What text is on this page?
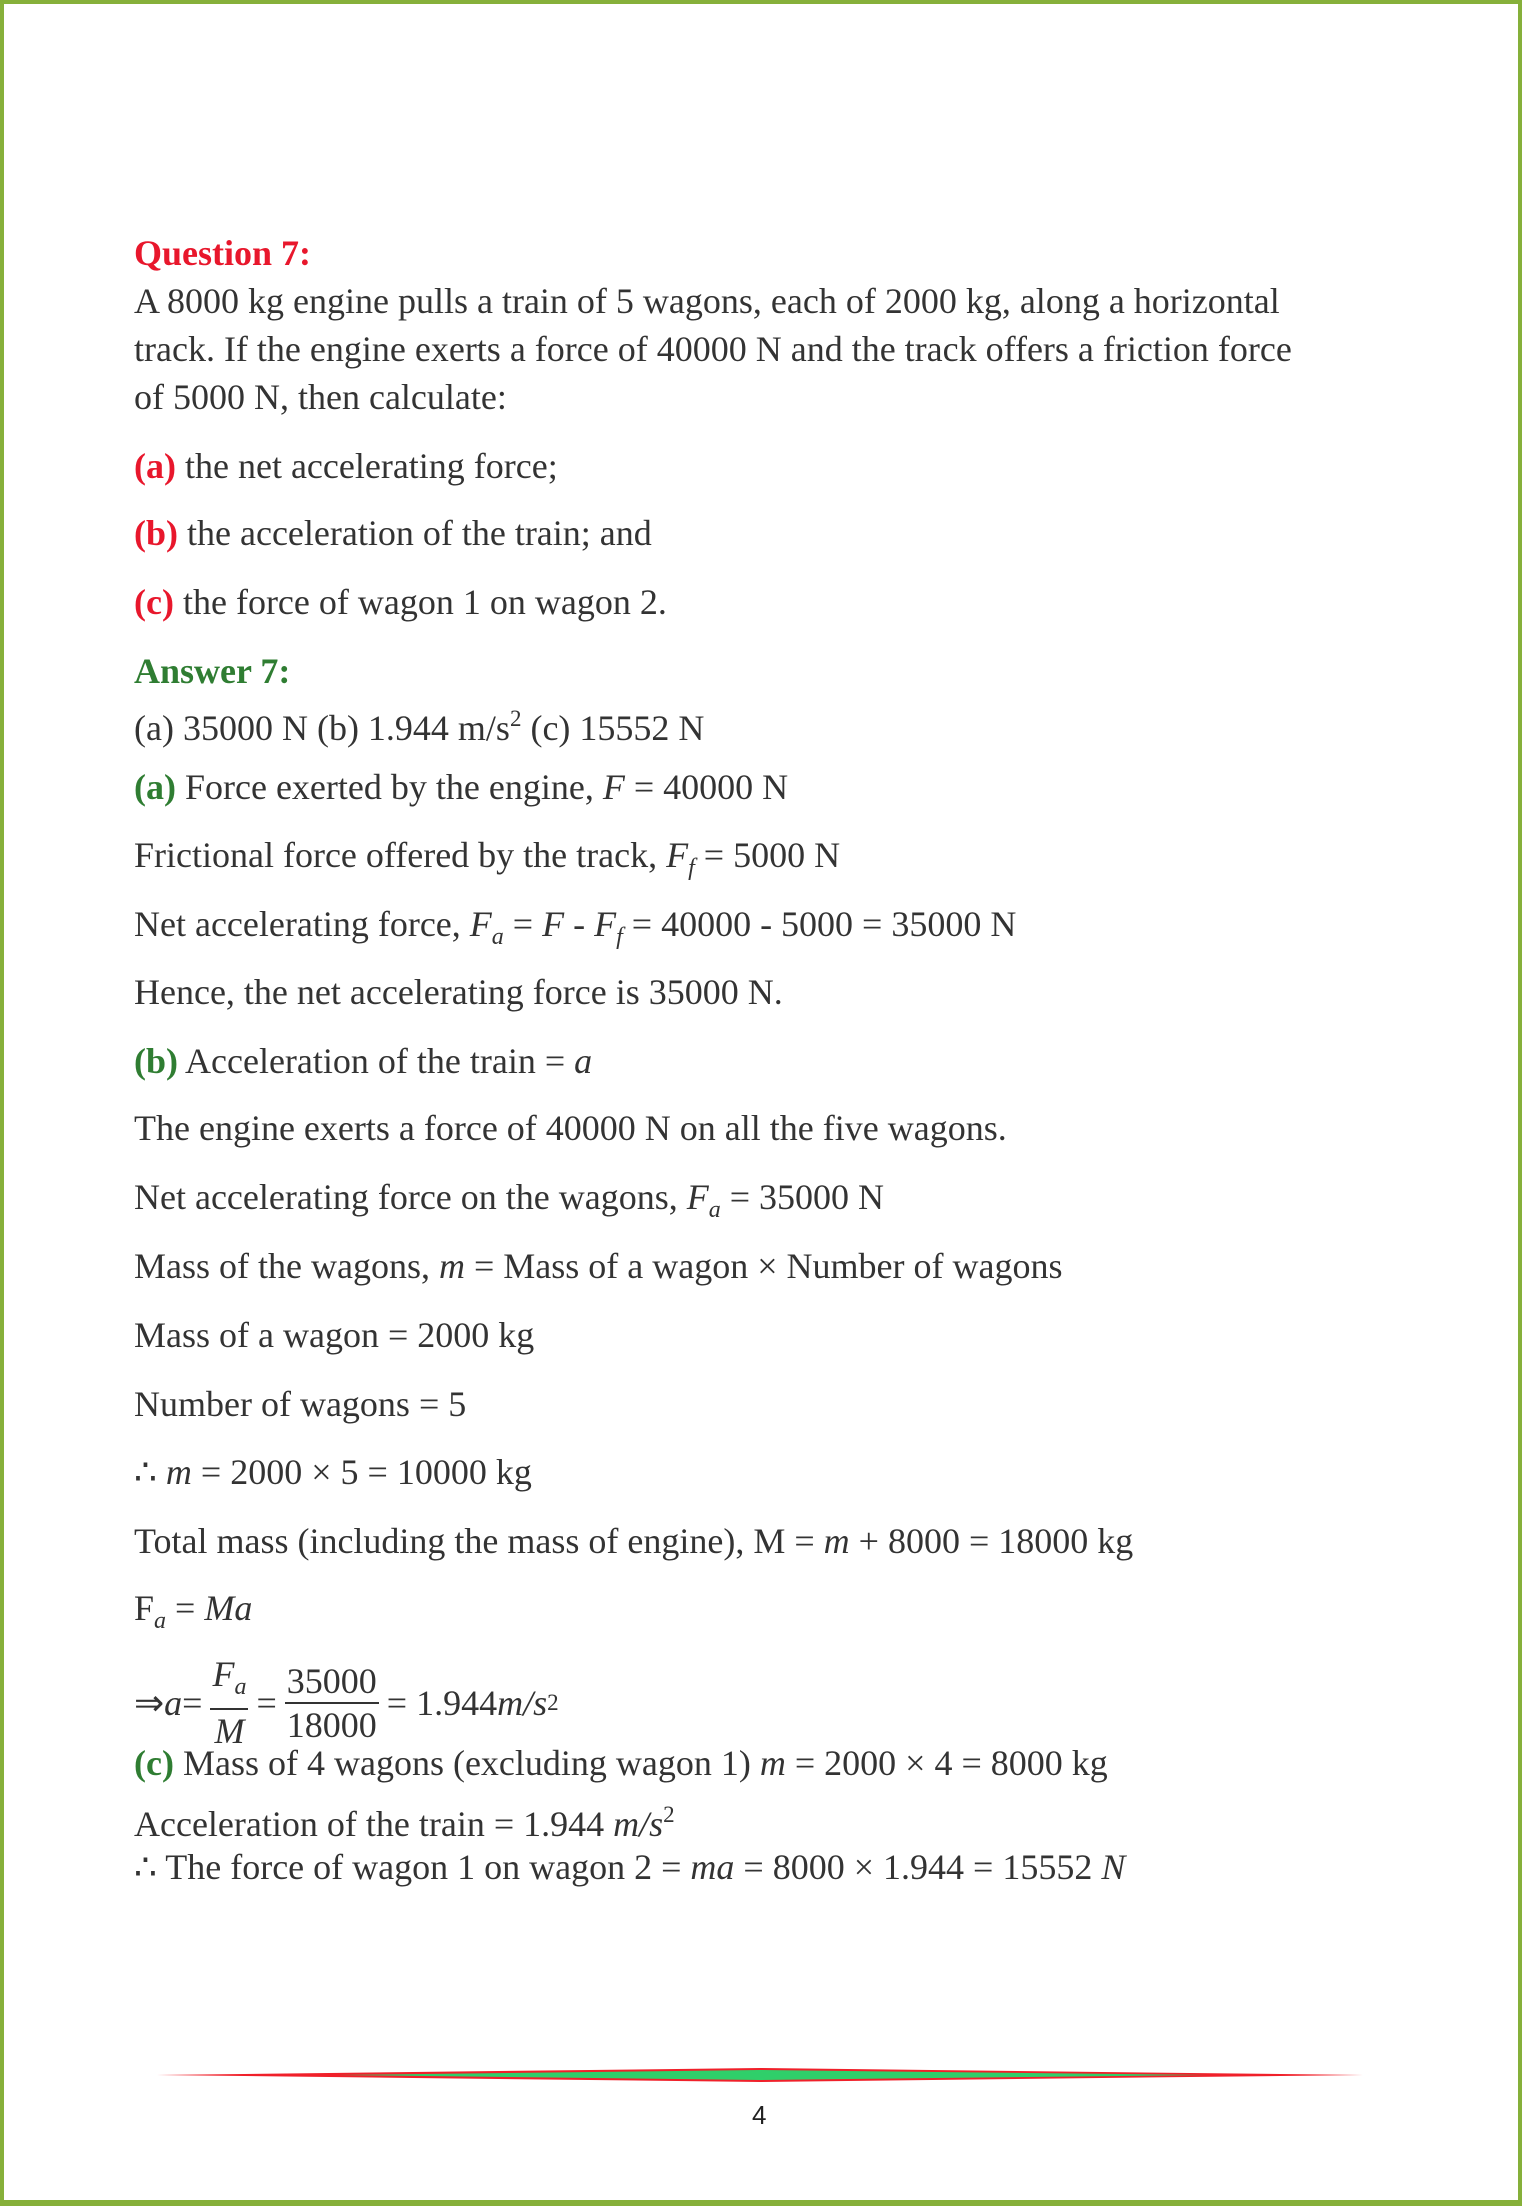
Question 7:
A 8000 kg engine pulls a train of 5 wagons, each of 2000 kg, along a horizontal
track. If the engine exerts a force of 40000 N and the track offers a friction force
of 5000 N, then calculate:
(a) the net accelerating force;
(b) the acceleration of the train; and
(c) the force of wagon 1 on wagon 2.
Answer 7:
(a) 35000 N (b) 1.944 $m/s^2$ (c) 15552 N
(a) Force exerted by the engine, F = 40000 N
Frictional force offered by the track, $F_f = 5000$ N
Net accelerating force, $F_a = F - F_f = 40000 - 5000 = 35000$ N
Hence, the net accelerating force is 35000 N.
(b) Acceleration of the train = a
The engine exerts a force of 40000 N on all the five wagons.
Net accelerating force on the wagons, $F_a = 35000$ N
Mass of the wagons, m = Mass of a wagon × Number of wagons
Mass of a wagon = 2000 kg
Number of wagons = 5
∴ m = 2000 × 5 = 10000 kg
Total mass (including the mass of engine), M = m + 8000 = 18000 kg
$F_a = Ma$
⇒ $a = \frac{F_a}{M} = \frac{35000}{18000} = 1.944$ m/s 2
(c) Mass of 4 wagons (excluding wagon 1) m = 2000 × 4 = 8000 kg
Acceleration of the train = 1.944 $m/s^2$
∴ The force of wagon 1 on wagon 2 = ma = 8000 × 1.944 = 15552 N
4
